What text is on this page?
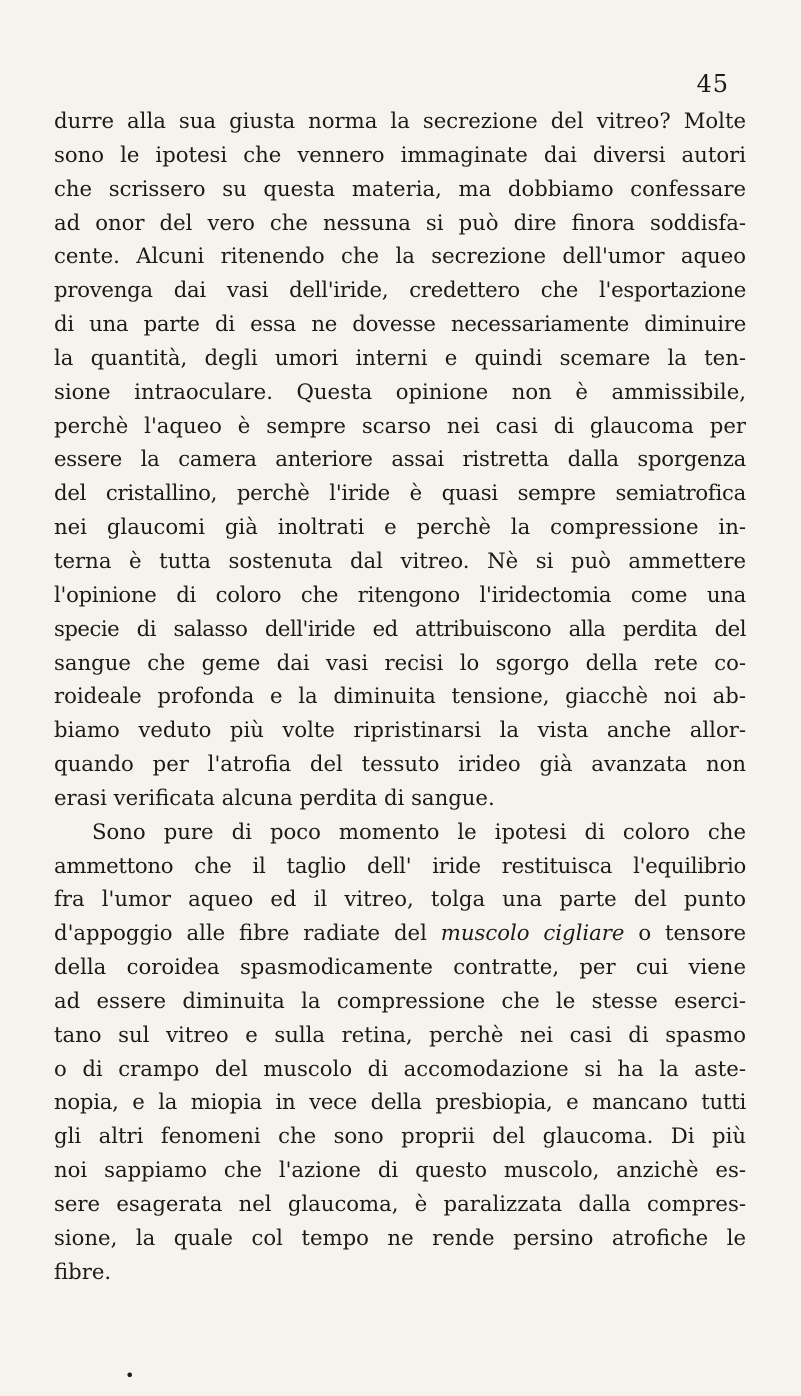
45
durre alla sua giusta norma la secrezione del vitreo? Molte
sono le ipotesi che vennero immaginate dai diversi autori
che scrissero su questa materia, ma dobbiamo confessare
ad onor del vero che nessuna si può dire finora soddisfa-
cente. Alcuni ritenendo che la secrezione dell'umor aqueo
provenga dai vasi dell'iride, credettero che l'esportazione
di una parte di essa ne dovesse necessariamente diminuire
la quantità, degli umori interni e quindi scemare la ten-
sione intraoculare. Questa opinione non è ammissibile,
perchè l'aqueo è sempre scarso nei casi di glaucoma per
essere la camera anteriore assai ristretta dalla sporgenza
del cristallino, perchè l'iride è quasi sempre semiatrofica
nei glaucomi già inoltrati e perchè la compressione in-
terna è tutta sostenuta dal vitreo. Nè si può ammettere
l'opinione di coloro che ritengono l'iridectomia come una
specie di salasso dell'iride ed attribuiscono alla perdita del
sangue che geme dai vasi recisi lo sgorgo della rete co-
roideale profonda e la diminuita tensione, giacchè noi ab-
biamo veduto più volte ripristinarsi la vista anche allor-
quando per l'atrofia del tessuto irideo già avanzata non
erasi verificata alcuna perdita di sangue.
Sono pure di poco momento le ipotesi di coloro che
ammettono che il taglio dell' iride restituisca l'equilibrio
fra l'umor aqueo ed il vitreo, tolga una parte del punto
d'appoggio alle fibre radiate del muscolo cigliare o tensore
della coroidea spasmodicamente contratte, per cui viene
ad essere diminuita la compressione che le stesse eserci-
tano sul vitreo e sulla retina, perchè nei casi di spasmo
o di crampo del muscolo di accomodazione si ha la aste-
nopia, e la miopia in vece della presbiopia, e mancano tutti
gli altri fenomeni che sono proprii del glaucoma. Di più
noi sappiamo che l'azione di questo muscolo, anzichè es-
sere esagerata nel glaucoma, è paralizzata dalla compres-
sione, la quale col tempo ne rende persino atrofiche le
fibre.
•
